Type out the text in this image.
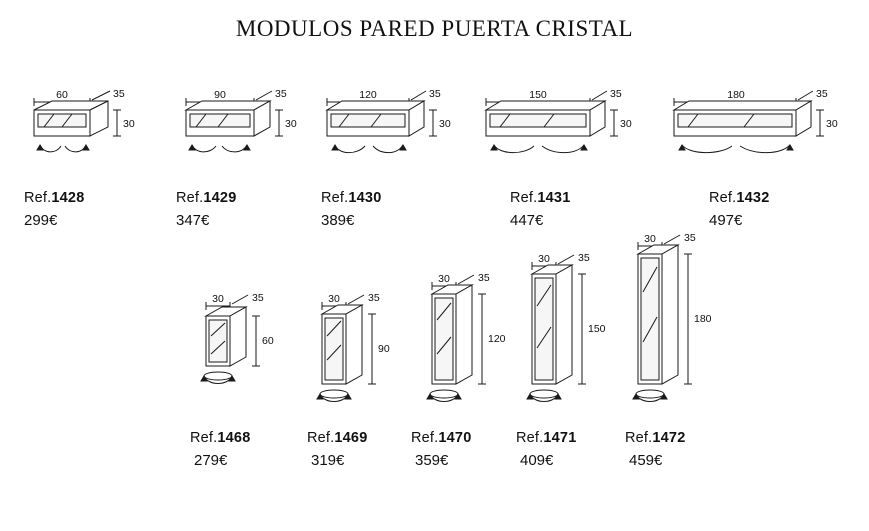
MODULOS PARED PUERTA CRISTAL
60	35
30
Ref.1428
299€
90	35
30
Ref.1429
347€
120	35
30
Ref.1430
389€
150	35
30
Ref.1431
447€
180	35
30
Ref.1432
497€
30	35
60
Ref.1468
279€
30	35
90
Ref.1469
319€
30	35
120
Ref.1470
359€
30	35
150
Ref.1471
409€
30	35
180
Ref.1472
459€
